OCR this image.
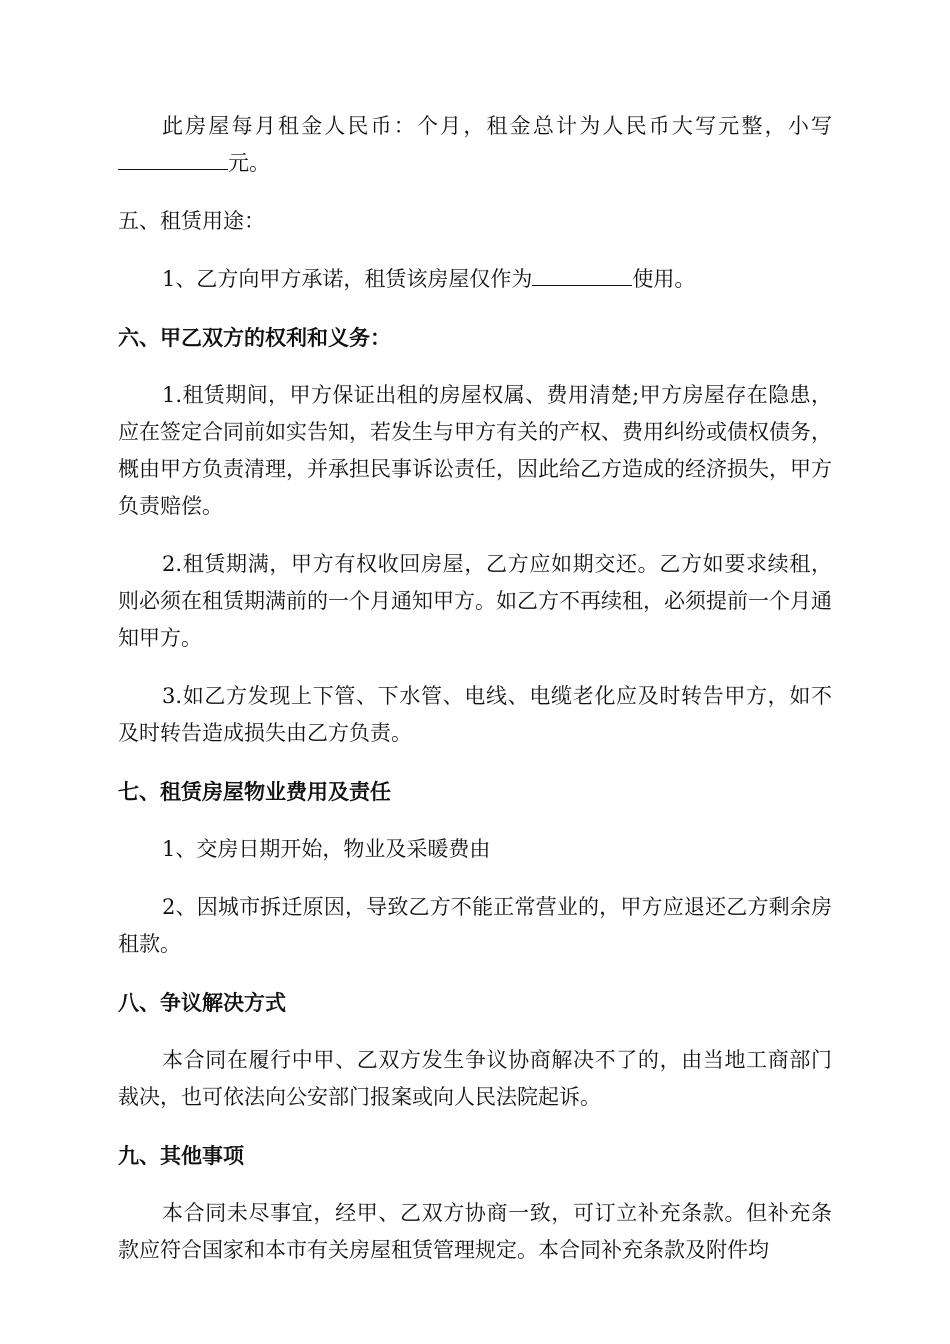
此房屋每月租金人民币：个月，租金总计为人民币大写元整，小写元。

五、租赁用途：

1、乙方向甲方承诺，租赁该房屋仅作为	使用。

六、甲乙双方的权利和义务：

1.租赁期间，甲方保证出租的房屋权属、费用清楚;甲方房屋存在隐患，应在签定合同前如实告知，若发生与甲方有关的产权、费用纠纷或债权债务，概由甲方负责清理，并承担民事诉讼责任，因此给乙方造成的经济损失，甲方负责赔偿。

2.租赁期满，甲方有权收回房屋，乙方应如期交还。乙方如要求续租，则必须在租赁期满前的一个月通知甲方。如乙方不再续租，必须提前一个月通知甲方。

3.如乙方发现上下管、下水管、电线、电缆老化应及时转告甲方，如不及时转告造成损失由乙方负责。

七、租赁房屋物业费用及责任

1、交房日期开始，物业及采暖费由

2、因城市拆迁原因，导致乙方不能正常营业的，甲方应退还乙方剩余房租款。

八、争议解决方式

本合同在履行中甲、乙双方发生争议协商解决不了的，由当地工商部门裁决，也可依法向公安部门报案或向人民法院起诉。

九、其他事项

本合同未尽事宜，经甲、乙双方协商一致，可订立补充条款。但补充条款应符合国家和本市有关房屋租赁管理规定。本合同补充条款及附件均
